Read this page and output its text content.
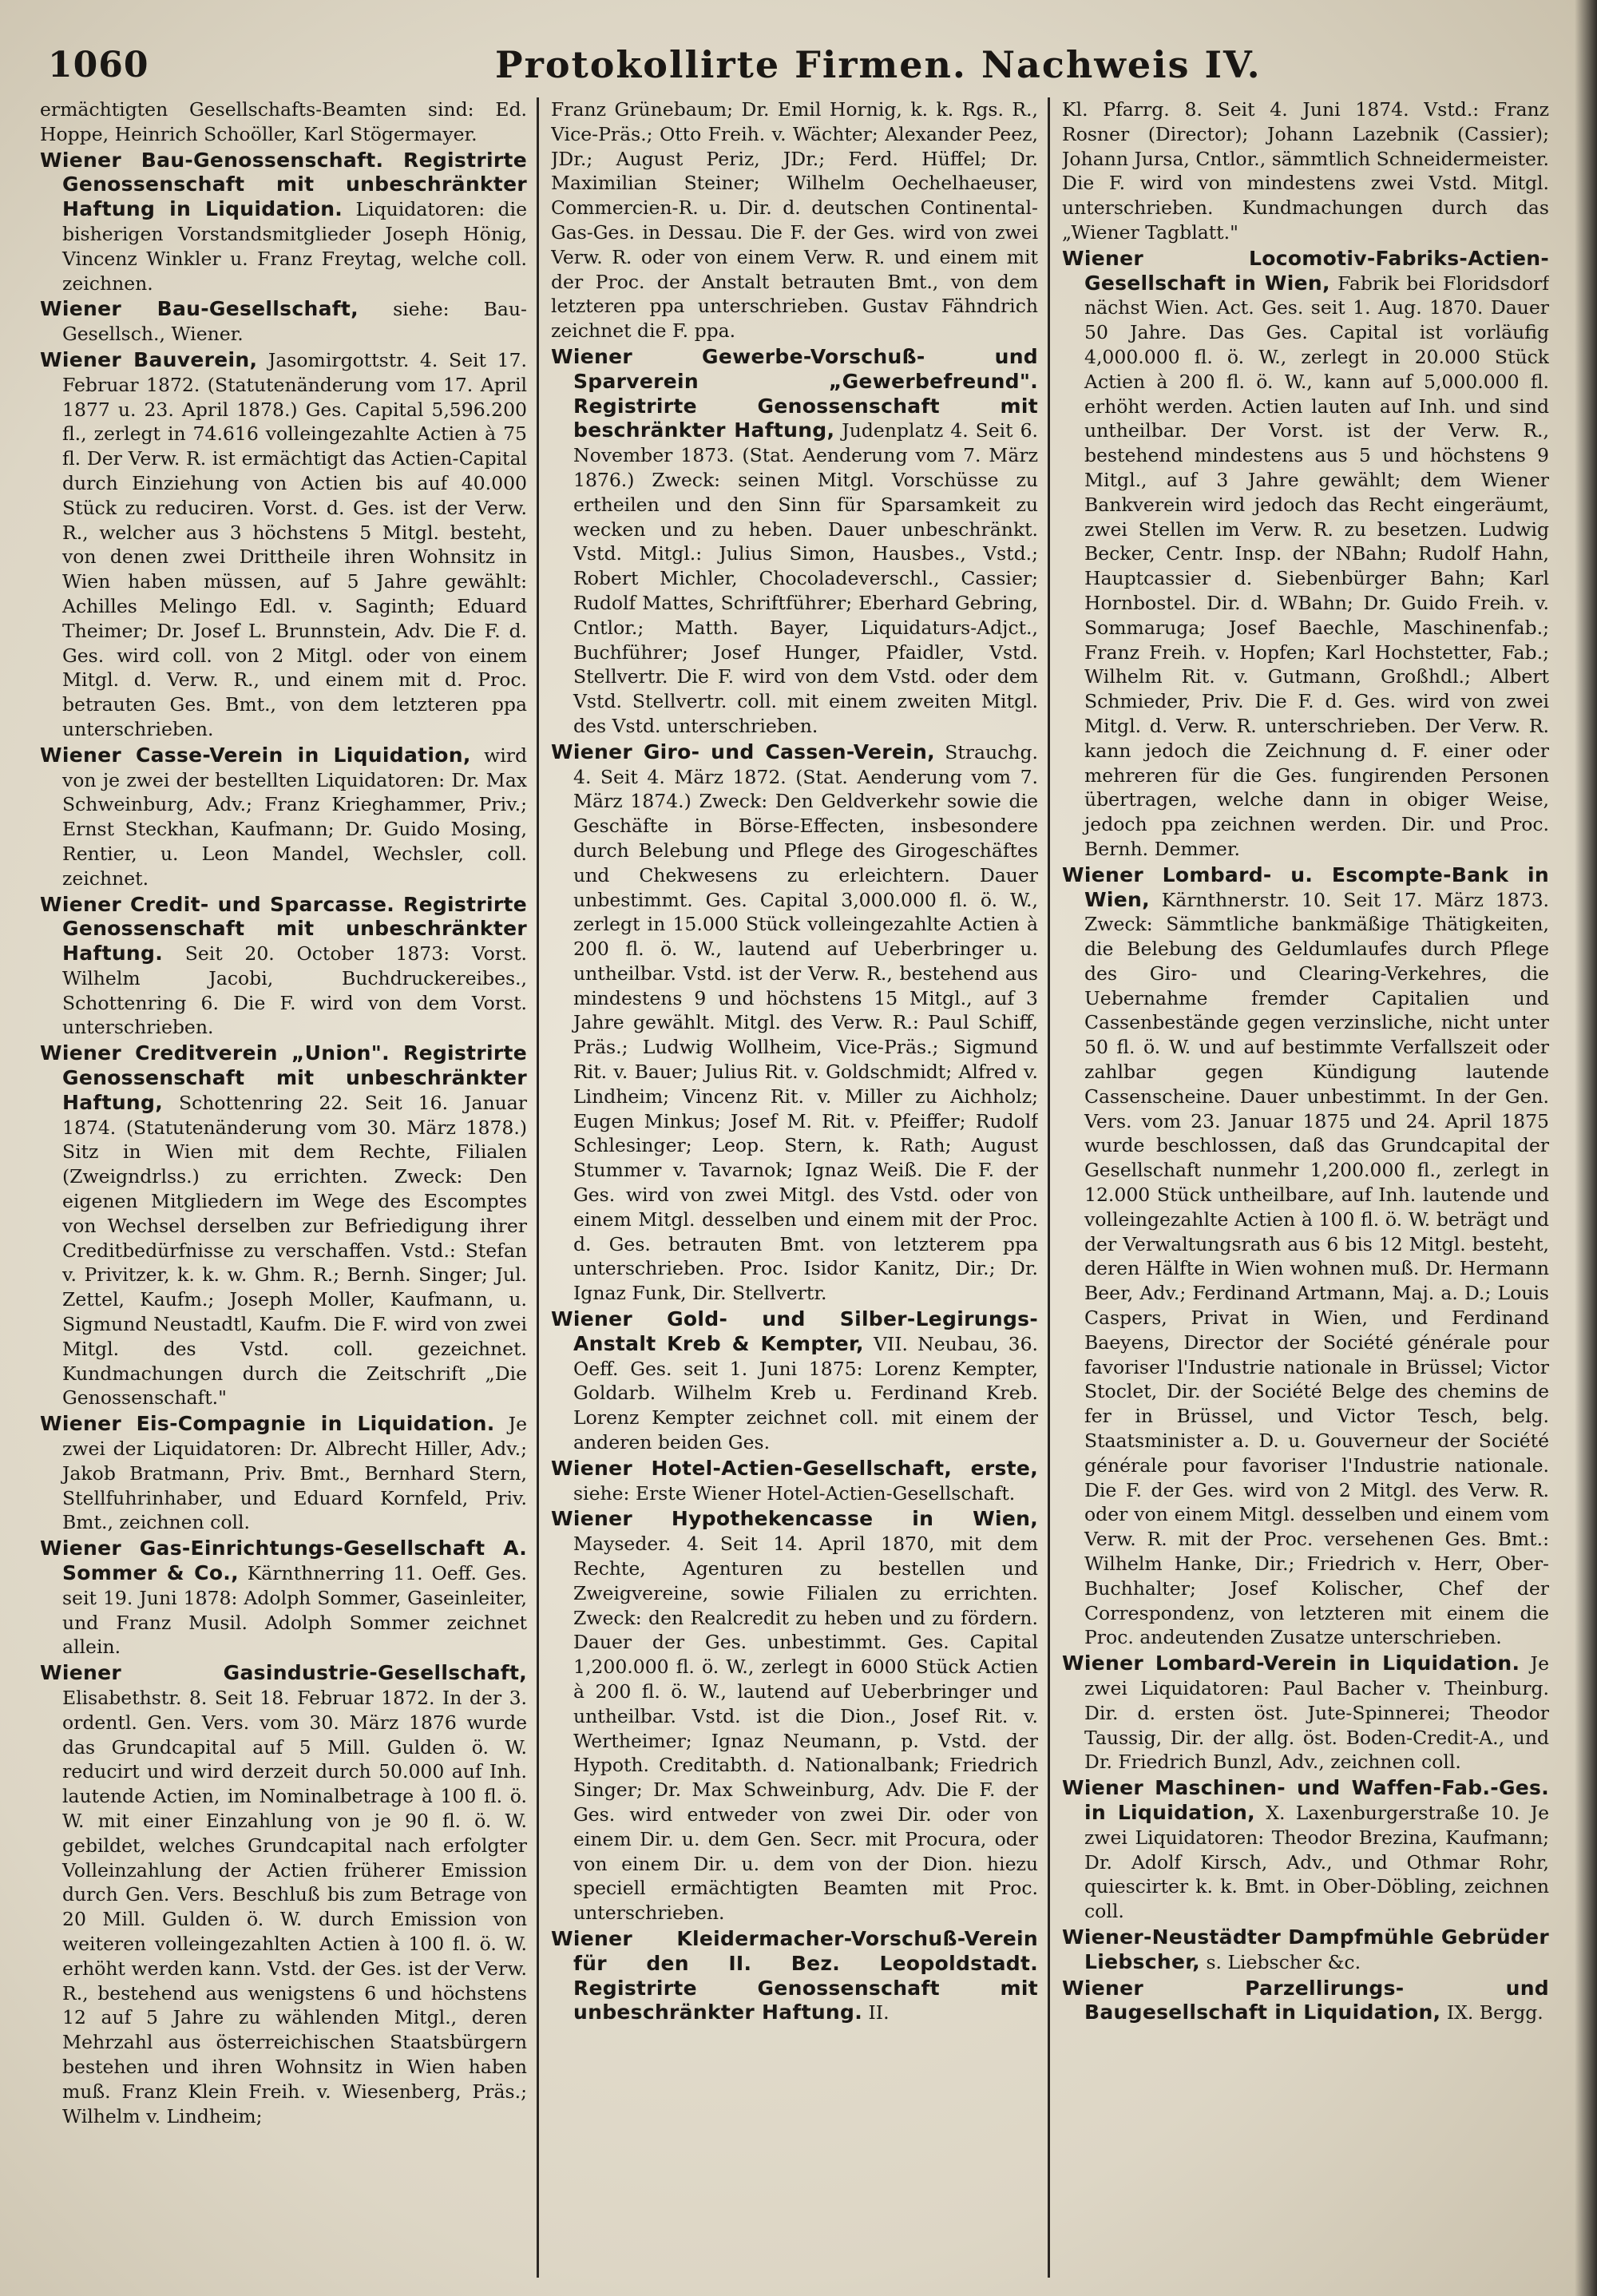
1060	Protokollirte Firmen. Nachweis IV.

ermächtigten Gesellschafts-Beamten sind: Ed. Hoppe, Heinrich Schoöller, Karl Stögermayer.

Wiener Bau-Genossenschaft. Registrirte Genossenschaft mit unbeschränkter Haftung in Liquidation. Liquidatoren: die bisherigen Vorstandsmitglieder Joseph Hönig, Vincenz Winkler u. Franz Freytag, welche coll. zeichnen.

Wiener Bau-Gesellschaft, siehe: Bau-Gesellsch., Wiener.

Wiener Bauverein, Jasomirgottstr. 4. Seit 17. Februar 1872. (Statutenänderung vom 17. April 1877 u. 23. April 1878.) Ges. Capital 5,596.200 fl., zerlegt in 74.616 volleingezahlte Actien à 75 fl. Der Verw. R. ist ermächtigt das Actien-Capital durch Einziehung von Actien bis auf 40.000 Stück zu reduciren. Vorst. d. Ges. ist der Verw. R., welcher aus 3 höchstens 5 Mitgl. besteht, von denen zwei Drittheile ihren Wohnsitz in Wien haben müssen, auf 5 Jahre gewählt: Achilles Melingo Edl. v. Saginth; Eduard Theimer; Dr. Josef L. Brunnstein, Adv. Die F. d. Ges. wird coll. von 2 Mitgl. oder von einem Mitgl. d. Verw. R., und einem mit d. Proc. betrauten Ges. Bmt., von dem letzteren ppa unterschrieben.

Wiener Casse-Verein in Liquidation, wird von je zwei der bestellten Liquidatoren: Dr. Max Schweinburg, Adv.; Franz Krieghammer, Priv.; Ernst Steckhan, Kaufmann; Dr. Guido Mosing, Rentier, u. Leon Mandel, Wechsler, coll. zeichnet.

Wiener Credit- und Sparcasse. Registrirte Genossenschaft mit unbeschränkter Haftung. Seit 20. October 1873: Vorst. Wilhelm Jacobi, Buchdruckereibes., Schottenring 6. Die F. wird von dem Vorst. unterschrieben.

Wiener Creditverein „Union". Registrirte Genossenschaft mit unbeschränkter Haftung, Schottenring 22. Seit 16. Januar 1874. (Statutenänderung vom 30. März 1878.) Sitz in Wien mit dem Rechte, Filialen (Zweigndrlss.) zu errichten. Zweck: Den eigenen Mitgliedern im Wege des Escomptes von Wechsel derselben zur Befriedigung ihrer Creditbedürfnisse zu verschaffen. Vstd.: Stefan v. Privitzer, k. k. w. Ghm. R.; Bernh. Singer; Jul. Zettel, Kaufm.; Joseph Moller, Kaufmann, u. Sigmund Neustadtl, Kaufm. Die F. wird von zwei Mitgl. des Vstd. coll. gezeichnet. Kundmachungen durch die Zeitschrift „Die Genossenschaft."

Wiener Eis-Compagnie in Liquidation. Je zwei der Liquidatoren: Dr. Albrecht Hiller, Adv.; Jakob Bratmann, Priv. Bmt., Bernhard Stern, Stellfuhrinhaber, und Eduard Kornfeld, Priv. Bmt., zeichnen coll.

Wiener Gas-Einrichtungs-Gesellschaft A. Sommer & Co., Kärnthnerring 11. Oeff. Ges. seit 19. Juni 1878: Adolph Sommer, Gaseinleiter, und Franz Musil. Adolph Sommer zeichnet allein.

Wiener Gasindustrie-Gesellschaft, Elisabethstr. 8. Seit 18. Februar 1872. In der 3. ordentl. Gen. Vers. vom 30. März 1876 wurde das Grundcapital auf 5 Mill. Gulden ö. W. reducirt und wird derzeit durch 50.000 auf Inh. lautende Actien, im Nominalbetrage à 100 fl. ö. W. mit einer Einzahlung von je 90 fl. ö. W. gebildet, welches Grundcapital nach erfolgter Volleinzahlung der Actien früherer Emission durch Gen. Vers. Beschluß bis zum Betrage von 20 Mill. Gulden ö. W. durch Emission von weiteren volleingezahlten Actien à 100 fl. ö. W. erhöht werden kann. Vstd. der Ges. ist der Verw. R., bestehend aus wenigstens 6 und höchstens 12 auf 5 Jahre zu wählenden Mitgl., deren Mehrzahl aus österreichischen Staatsbürgern bestehen und ihren Wohnsitz in Wien haben muß. Franz Klein Freih. v. Wiesenberg, Präs.; Wilhelm v. Lindheim;

Franz Grünebaum; Dr. Emil Hornig, k. k. Rgs. R., Vice-Präs.; Otto Freih. v. Wächter; Alexander Peez, JDr.; August Periz, JDr.; Ferd. Hüffel; Dr. Maximilian Steiner; Wilhelm Oechelhaeuser, Commercien-R. u. Dir. d. deutschen Continental-Gas-Ges. in Dessau. Die F. der Ges. wird von zwei Verw. R. oder von einem Verw. R. und einem mit der Proc. der Anstalt betrauten Bmt., von dem letzteren ppa unterschrieben. Gustav Fähndrich zeichnet die F. ppa.

Wiener Gewerbe-Vorschuß- und Sparverein „Gewerbefreund". Registrirte Genossenschaft mit beschränkter Haftung, Judenplatz 4. Seit 6. November 1873. (Stat. Aenderung vom 7. März 1876.) Zweck: seinen Mitgl. Vorschüsse zu ertheilen und den Sinn für Sparsamkeit zu wecken und zu heben. Dauer unbeschränkt. Vstd. Mitgl.: Julius Simon, Hausbes., Vstd.; Robert Michler, Chocoladeverschl., Cassier; Rudolf Mattes, Schriftführer; Eberhard Gebring, Cntlor.; Matth. Bayer, Liquidaturs-Adjct., Buchführer; Josef Hunger, Pfaidler, Vstd. Stellvertr. Die F. wird von dem Vstd. oder dem Vstd. Stellvertr. coll. mit einem zweiten Mitgl. des Vstd. unterschrieben.

Wiener Giro- und Cassen-Verein, Strauchg. 4. Seit 4. März 1872. (Stat. Aenderung vom 7. März 1874.) Zweck: Den Geldverkehr sowie die Geschäfte in Börse-Effecten, insbesondere durch Belebung und Pflege des Girogeschäftes und Chekwesens zu erleichtern. Dauer unbestimmt. Ges. Capital 3,000.000 fl. ö. W., zerlegt in 15.000 Stück volleingezahlte Actien à 200 fl. ö. W., lautend auf Ueberbringer u. untheilbar. Vstd. ist der Verw. R., bestehend aus mindestens 9 und höchstens 15 Mitgl., auf 3 Jahre gewählt. Mitgl. des Verw. R.: Paul Schiff, Präs.; Ludwig Wollheim, Vice-Präs.; Sigmund Rit. v. Bauer; Julius Rit. v. Goldschmidt; Alfred v. Lindheim; Vincenz Rit. v. Miller zu Aichholz; Eugen Minkus; Josef M. Rit. v. Pfeiffer; Rudolf Schlesinger; Leop. Stern, k. Rath; August Stummer v. Tavarnok; Ignaz Weiß. Die F. der Ges. wird von zwei Mitgl. des Vstd. oder von einem Mitgl. desselben und einem mit der Proc. d. Ges. betrauten Bmt. von letzterem ppa unterschrieben. Proc. Isidor Kanitz, Dir.; Dr. Ignaz Funk, Dir. Stellvertr.

Wiener Gold- und Silber-Legirungs-Anstalt Kreb & Kempter, VII. Neubau, 36. Oeff. Ges. seit 1. Juni 1875: Lorenz Kempter, Goldarb. Wilhelm Kreb u. Ferdinand Kreb. Lorenz Kempter zeichnet coll. mit einem der anderen beiden Ges.

Wiener Hotel-Actien-Gesellschaft, erste, siehe: Erste Wiener Hotel-Actien-Gesellschaft.

Wiener Hypothekencasse in Wien, Mayseder. 4. Seit 14. April 1870, mit dem Rechte, Agenturen zu bestellen und Zweigvereine, sowie Filialen zu errichten. Zweck: den Realcredit zu heben und zu fördern. Dauer der Ges. unbestimmt. Ges. Capital 1,200.000 fl. ö. W., zerlegt in 6000 Stück Actien à 200 fl. ö. W., lautend auf Ueberbringer und untheilbar. Vstd. ist die Dion., Josef Rit. v. Wertheimer; Ignaz Neumann, p. Vstd. der Hypoth. Creditabth. d. Nationalbank; Friedrich Singer; Dr. Max Schweinburg, Adv. Die F. der Ges. wird entweder von zwei Dir. oder von einem Dir. u. dem Gen. Secr. mit Procura, oder von einem Dir. u. dem von der Dion. hiezu speciell ermächtigten Beamten mit Proc. unterschrieben.

Wiener Kleidermacher-Vorschuß-Verein für den II. Bez. Leopoldstadt. Registrirte Genossenschaft mit unbeschränkter Haftung. II.

Kl. Pfarrg. 8. Seit 4. Juni 1874. Vstd.: Franz Rosner (Director); Johann Lazebnik (Cassier); Johann Jursa, Cntlor., sämmtlich Schneidermeister. Die F. wird von mindestens zwei Vstd. Mitgl. unterschrieben. Kundmachungen durch das „Wiener Tagblatt."

Wiener Locomotiv-Fabriks-Actien-Gesellschaft in Wien, Fabrik bei Floridsdorf nächst Wien. Act. Ges. seit 1. Aug. 1870. Dauer 50 Jahre. Das Ges. Capital ist vorläufig 4,000.000 fl. ö. W., zerlegt in 20.000 Stück Actien à 200 fl. ö. W., kann auf 5,000.000 fl. erhöht werden. Actien lauten auf Inh. und sind untheilbar. Der Vorst. ist der Verw. R., bestehend mindestens aus 5 und höchstens 9 Mitgl., auf 3 Jahre gewählt; dem Wiener Bankverein wird jedoch das Recht eingeräumt, zwei Stellen im Verw. R. zu besetzen. Ludwig Becker, Centr. Insp. der NBahn; Rudolf Hahn, Hauptcassier d. Siebenbürger Bahn; Karl Hornbostel. Dir. d. WBahn; Dr. Guido Freih. v. Sommaruga; Josef Baechle, Maschinenfab.; Franz Freih. v. Hopfen; Karl Hochstetter, Fab.; Wilhelm Rit. v. Gutmann, Großhdl.; Albert Schmieder, Priv. Die F. d. Ges. wird von zwei Mitgl. d. Verw. R. unterschrieben. Der Verw. R. kann jedoch die Zeichnung d. F. einer oder mehreren für die Ges. fungirenden Personen übertragen, welche dann in obiger Weise, jedoch ppa zeichnen werden. Dir. und Proc. Bernh. Demmer.

Wiener Lombard- u. Escompte-Bank in Wien, Kärnthnerstr. 10. Seit 17. März 1873. Zweck: Sämmtliche bankmäßige Thätigkeiten, die Belebung des Geldumlaufes durch Pflege des Giro- und Clearing-Verkehres, die Uebernahme fremder Capitalien und Cassenbestände gegen verzinsliche, nicht unter 50 fl. ö. W. und auf bestimmte Verfallszeit oder zahlbar gegen Kündigung lautende Cassenscheine. Dauer unbestimmt. In der Gen. Vers. vom 23. Januar 1875 und 24. April 1875 wurde beschlossen, daß das Grundcapital der Gesellschaft nunmehr 1,200.000 fl., zerlegt in 12.000 Stück untheilbare, auf Inh. lautende und volleingezahlte Actien à 100 fl. ö. W. beträgt und der Verwaltungsrath aus 6 bis 12 Mitgl. besteht, deren Hälfte in Wien wohnen muß. Dr. Hermann Beer, Adv.; Ferdinand Artmann, Maj. a. D.; Louis Caspers, Privat in Wien, und Ferdinand Baeyens, Director der Société générale pour favoriser l'Industrie nationale in Brüssel; Victor Stoclet, Dir. der Société Belge des chemins de fer in Brüssel, und Victor Tesch, belg. Staatsminister a. D. u. Gouverneur der Société générale pour favoriser l'Industrie nationale. Die F. der Ges. wird von 2 Mitgl. des Verw. R. oder von einem Mitgl. desselben und einem vom Verw. R. mit der Proc. versehenen Ges. Bmt.: Wilhelm Hanke, Dir.; Friedrich v. Herr, Ober-Buchhalter; Josef Kolischer, Chef der Correspondenz, von letzteren mit einem die Proc. andeutenden Zusatze unterschrieben.

Wiener Lombard-Verein in Liquidation. Je zwei Liquidatoren: Paul Bacher v. Theinburg. Dir. d. ersten öst. Jute-Spinnerei; Theodor Taussig, Dir. der allg. öst. Boden-Credit-A., und Dr. Friedrich Bunzl, Adv., zeichnen coll.

Wiener Maschinen- und Waffen-Fab.-Ges. in Liquidation, X. Laxenburgerstraße 10. Je zwei Liquidatoren: Theodor Brezina, Kaufmann; Dr. Adolf Kirsch, Adv., und Othmar Rohr, quiescirter k. k. Bmt. in Ober-Döbling, zeichnen coll.

Wiener-Neustädter Dampfmühle Gebrüder Liebscher, s. Liebscher &c.

Wiener Parzellirungs- und Baugesellschaft in Liquidation, IX. Bergg.
